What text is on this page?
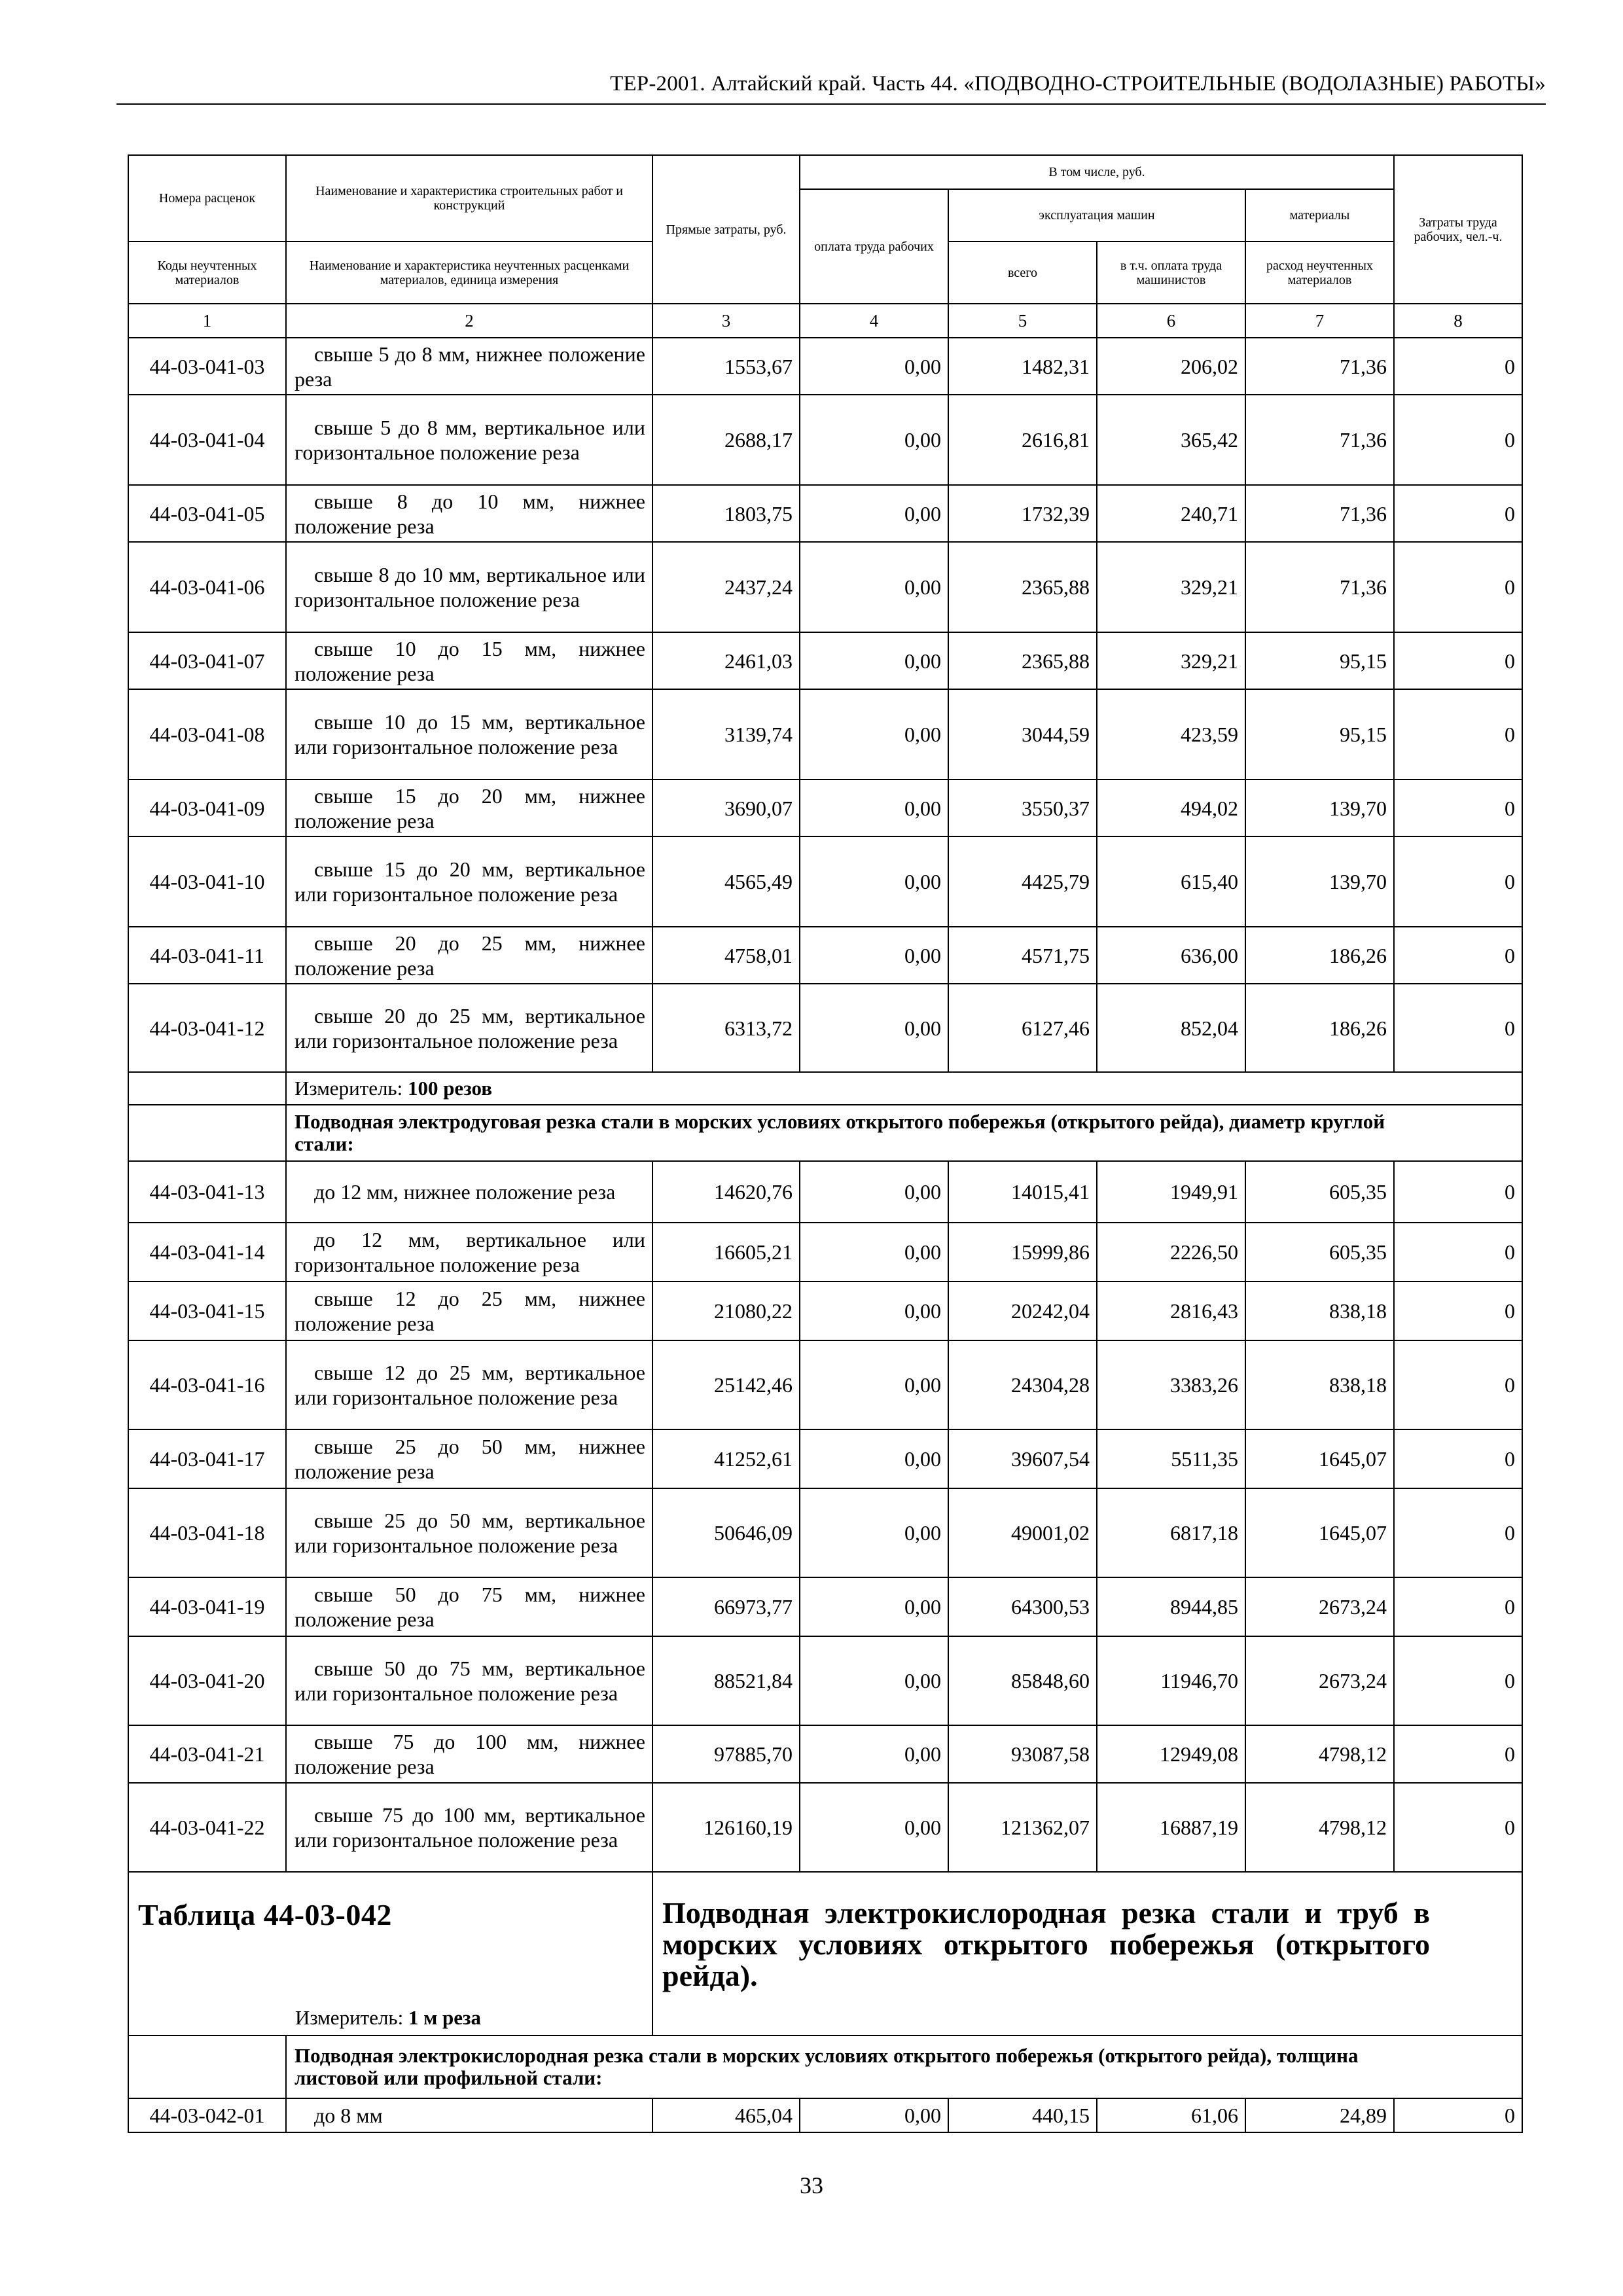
ТЕР-2001. Алтайский край. Часть 44. «ПОДВОДНО-СТРОИТЕЛЬНЫЕ (ВОДОЛАЗНЫЕ) РАБОТЫ»
Номера расценок	Наименование и характеристика строительных работ и конструкций	Прямые затраты, руб.	В том числе, руб.				Затраты труда рабочих, чел.-ч.
			оплата труда рабочих	эксплуатация машин		материалы	
Коды неучтенных материалов	Наименование и характеристика неучтенных расценками материалов, единица измерения			всего	в т.ч. оплата труда машинистов	расход неучтенных материалов	
1	2	3	4	5	6	7	8
44-03-041-03	свыше 5 до 8 мм, нижнее положение реза	1553,67	0,00	1482,31	206,02	71,36	0
44-03-041-04	свыше 5 до 8 мм, вертикальное или горизонтальное положение реза	2688,17	0,00	2616,81	365,42	71,36	0
44-03-041-05	свыше 8 до 10 мм, нижнее положение реза	1803,75	0,00	1732,39	240,71	71,36	0
44-03-041-06	свыше 8 до 10 мм, вертикальное или горизонтальное положение реза	2437,24	0,00	2365,88	329,21	71,36	0
44-03-041-07	свыше 10 до 15 мм, нижнее положение реза	2461,03	0,00	2365,88	329,21	95,15	0
44-03-041-08	свыше 10 до 15 мм, вертикальное или горизонтальное положение реза	3139,74	0,00	3044,59	423,59	95,15	0
44-03-041-09	свыше 15 до 20 мм, нижнее положение реза	3690,07	0,00	3550,37	494,02	139,70	0
44-03-041-10	свыше 15 до 20 мм, вертикальное или горизонтальное положение реза	4565,49	0,00	4425,79	615,40	139,70	0
44-03-041-11	свыше 20 до 25 мм, нижнее положение реза	4758,01	0,00	4571,75	636,00	186,26	0
44-03-041-12	свыше 20 до 25 мм, вертикальное или горизонтальное положение реза	6313,72	0,00	6127,46	852,04	186,26	0
	Измеритель: 100 резов						
	Подводная электродуговая резка стали в морских условиях открытого побережья (открытого рейда), диаметр круглой стали:						
44-03-041-13	до 12 мм, нижнее положение реза	14620,76	0,00	14015,41	1949,91	605,35	0
44-03-041-14	до 12 мм, вертикальное или горизонтальное положение реза	16605,21	0,00	15999,86	2226,50	605,35	0
44-03-041-15	свыше 12 до 25 мм, нижнее положение реза	21080,22	0,00	20242,04	2816,43	838,18	0
44-03-041-16	свыше 12 до 25 мм, вертикальное или горизонтальное положение реза	25142,46	0,00	24304,28	3383,26	838,18	0
44-03-041-17	свыше 25 до 50 мм, нижнее положение реза	41252,61	0,00	39607,54	5511,35	1645,07	0
44-03-041-18	свыше 25 до 50 мм, вертикальное или горизонтальное положение реза	50646,09	0,00	49001,02	6817,18	1645,07	0
44-03-041-19	свыше 50 до 75 мм, нижнее положение реза	66973,77	0,00	64300,53	8944,85	2673,24	0
44-03-041-20	свыше 50 до 75 мм, вертикальное или горизонтальное положение реза	88521,84	0,00	85848,60	11946,70	2673,24	0
44-03-041-21	свыше 75 до 100 мм, нижнее положение реза	97885,70	0,00	93087,58	12949,08	4798,12	0
44-03-041-22	свыше 75 до 100 мм, вертикальное или горизонтальное положение реза	126160,19	0,00	121362,07	16887,19	4798,12	0

Таблица 44-03-042
Измеритель: 1 м реза		Подводная электрокислородная резка стали и труб в морских условиях открытого побережья (открытого рейда).					
	Подводная электрокислородная резка стали в морских условиях открытого побережья (открытого рейда), толщина листовой или профильной стали:						
44-03-042-01	до 8 мм	465,04	0,00	440,15	61,06	24,89	0
33
